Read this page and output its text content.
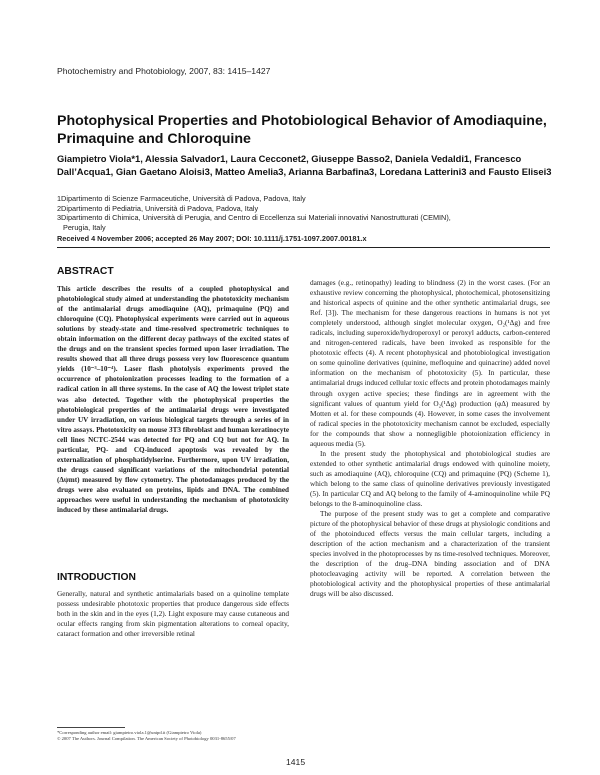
Photochemistry and Photobiology, 2007, 83: 1415–1427
Photophysical Properties and Photobiological Behavior of Amodiaquine, Primaquine and Chloroquine
Giampietro Viola*1, Alessia Salvador1, Laura Cecconet2, Giuseppe Basso2, Daniela Vedaldi1, Francesco Dall’Acqua1, Gian Gaetano Aloisi3, Matteo Amelia3, Arianna Barbafina3, Loredana Latterini3 and Fausto Elisei3
1Dipartimento di Scienze Farmaceutiche, Università di Padova, Padova, Italy
2Dipartimento di Pediatria, Università di Padova, Padova, Italy
3Dipartimento di Chimica, Università di Perugia, and Centro di Eccellenza sui Materiali innovativi Nanostrutturati (CEMIN),
Perugia, Italy
Received 4 November 2006; accepted 26 May 2007; DOI: 10.1111/j.1751-1097.2007.00181.x
ABSTRACT
This article describes the results of a coupled photophysical and photobiological study aimed at understanding the phototoxicity mechanism of the antimalarial drugs amodiaquine (AQ), primaquine (PQ) and chloroquine (CQ). Photophysical experiments were carried out in aqueous solutions by steady-state and time-resolved spectrometric techniques to obtain information on the different decay pathways of the excited states of the drugs and on the transient species formed upon laser irradiation. The results showed that all three drugs possess very low fluorescence quantum yields (10⁻³–10⁻⁴). Laser flash photolysis experiments proved the occurrence of photoionization processes leading to the formation of a radical cation in all three systems. In the case of AQ the lowest triplet state was also detected. Together with the photophysical properties the photobiological properties of the antimalarial drugs were investigated under UV irradiation, on various biological targets through a series of in vitro assays. Phototoxicity on mouse 3T3 fibroblast and human keratinocyte cell lines NCTC-2544 was detected for PQ and CQ but not for AQ. In particular, PQ- and CQ-induced apoptosis was revealed by the externalization of phosphatidylserine. Furthermore, upon UV irradiation, the drugs caused significant variations of the mitochondrial potential (Δψmt) measured by flow cytometry. The photodamages produced by the drugs were also evaluated on proteins, lipids and DNA. The combined approaches were useful in understanding the mechanism of phototoxicity induced by these antimalarial drugs.
INTRODUCTION
Generally, natural and synthetic antimalarials based on a quinoline template possess undesirable phototoxic properties that produce dangerous side effects both in the skin and in the eyes (1,2). Light exposure may cause cutaneous and ocular effects ranging from skin pigmentation alterations to corneal opacity, cataract formation and other irreversible retinal
*Corresponding author email: giampietro.viola.1@unipd.it (Giampietro Viola)
© 2007 The Authors. Journal Compilation. The American Society of Photobiology 0031-8655/07

damages (e.g., retinopathy) leading to blindness (2) in the worst cases. (For an exhaustive review concerning the photophysical, photochemical, photosensitizing and historical aspects of quinine and the other synthetic antimalarial drugs, see Ref. [3]). The mechanism for these dangerous reactions in humans is not yet completely understood, although singlet molecular oxygen, O₂(¹Δg) and free radicals, including superoxide/hydroperoxyl or peroxyl adducts, carbon-centered and nitrogen-centered radicals, have been invoked as responsible for the phototoxic effects (4). A recent photophysical and photobiological investigation on some quinoline derivatives (quinine, mefloquine and quinacrine) added novel information on the mechanism of phototoxicity (5). In particular, these antimalarial drugs induced cellular toxic effects and protein photodamages mainly through oxygen active species; these findings are in agreement with the significant values of quantum yield for O₂(¹Δg) production (φΔ) measured by Motten et al. for these compounds (4). However, in some cases the involvement of radical species in the phototoxicity mechanism cannot be excluded, especially for the compounds that show a nonnegligible photoionization efficiency in aqueous media (5).

In the present study the photophysical and photobiological studies are extended to other synthetic antimalarial drugs endowed with quinoline moiety, such as amodiaquine (AQ), chloroquine (CQ) and primaquine (PQ) (Scheme 1), which belong to the same class of quinoline derivatives previously investigated (5). In particular CQ and AQ belong to the family of 4-aminoquinoline while PQ belongs to the 8-aminoquinoline class.

The purpose of the present study was to get a complete and comparative picture of the photophysical behavior of these drugs at physiologic conditions and of the photoinduced effects versus the main cellular targets, including a description of the action mechanism and a characterization of the transient species involved in the photoprocesses by ns time-resolved techniques. Moreover, the description of the drug–DNA binding association and of DNA photocleavaging activity will be reported. A correlation between the photobiological activity and the photophysical properties of these antimalarial drugs will be also discussed.

1415
